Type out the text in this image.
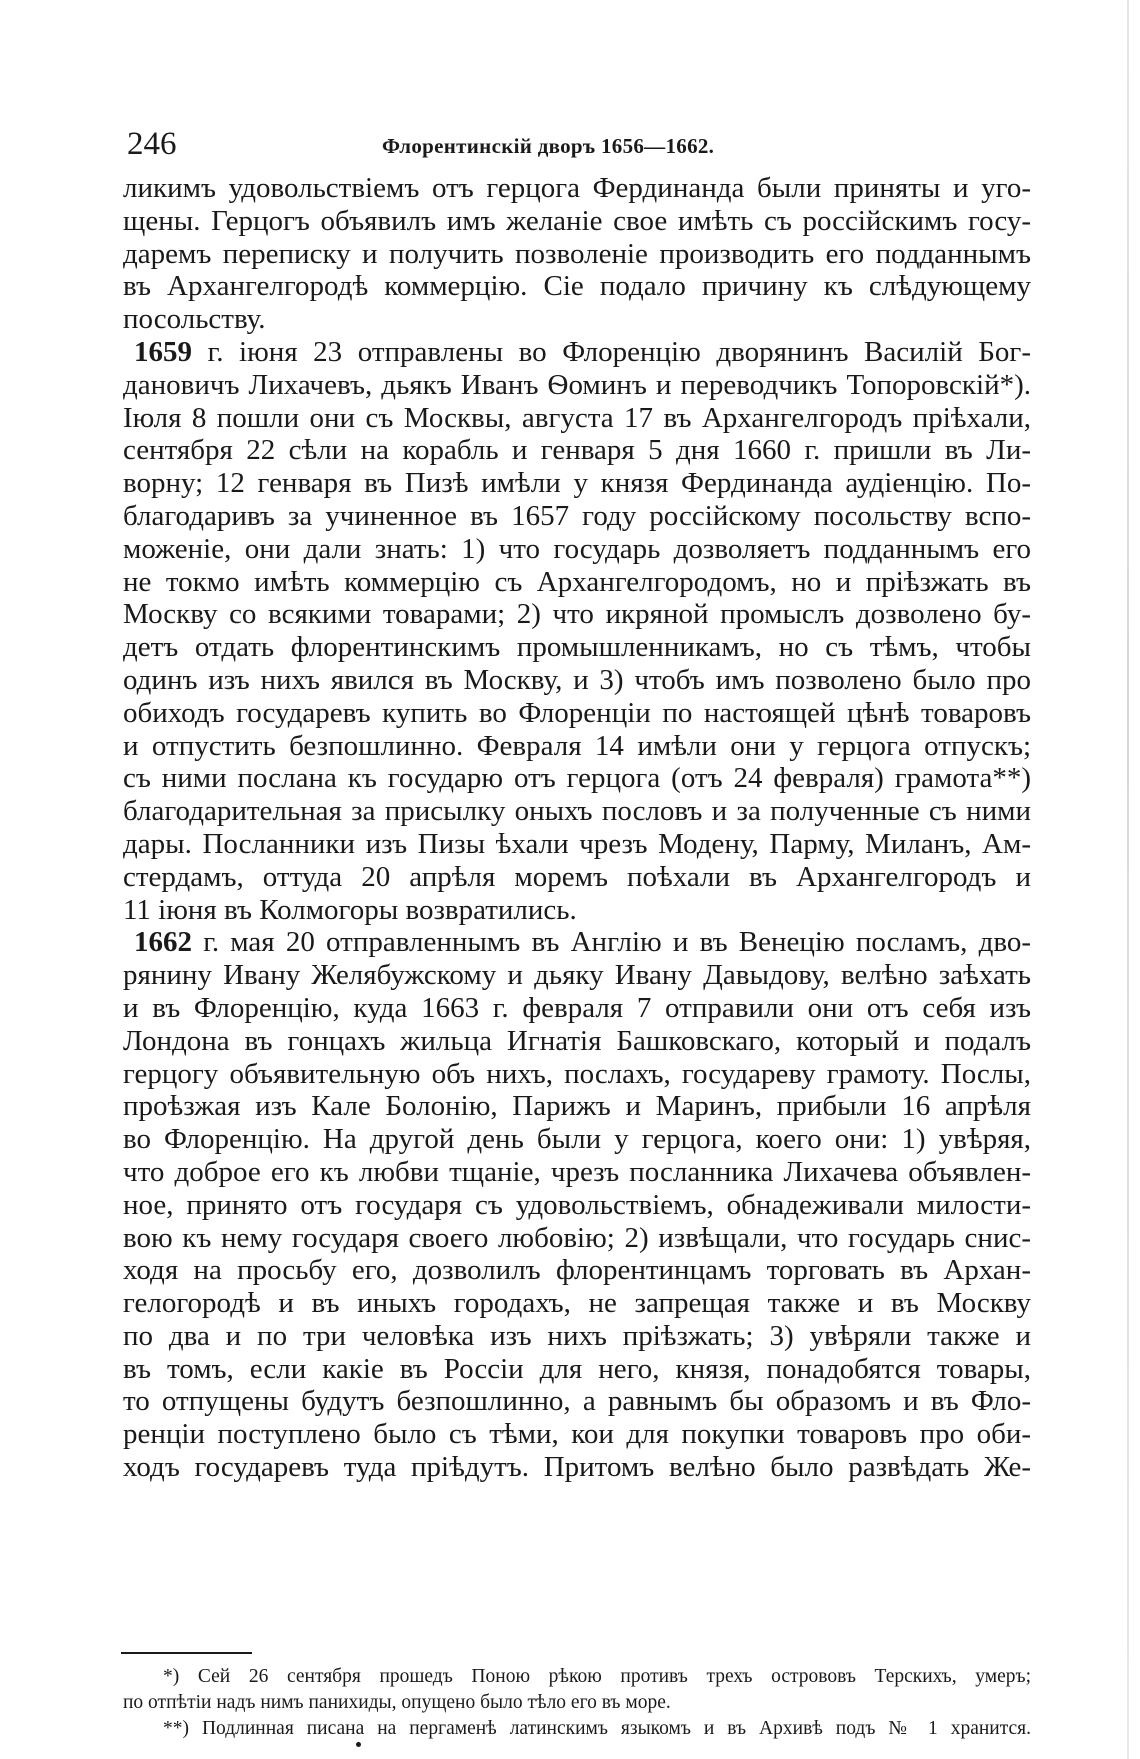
246	Флорентинскій дворъ 1656—1662.
ликимъ удовольствіемъ отъ герцога Фердинанда были приняты и уго-
щены. Герцогъ объявилъ имъ желаніе свое имѣть съ россійскимъ госу-
даремъ переписку и получить позволеніе производить его подданнымъ
въ Архангелгородѣ коммерцію. Сіе подало причину къ слѣдующему
посольству.
1659 г. іюня 23 отправлены во Флоренцію дворянинъ Василій Бог-
дановичъ Лихачевъ, дьякъ Иванъ Ѳоминъ и переводчикъ Топоровскій*).
Іюля 8 пошли они съ Москвы, августа 17 въ Архангелгородъ пріѣхали,
сентября 22 сѣли на корабль и генваря 5 дня 1660 г. пришли въ Ли-
ворну; 12 генваря въ Пизѣ имѣли у князя Фердинанда аудіенцію. По-
благодаривъ за учиненное въ 1657 году россійскому посольству вспо-
моженіе, они дали знать: 1) что государь дозволяетъ подданнымъ его
не токмо имѣть коммерцію съ Архангелгородомъ, но и пріѣзжать въ
Москву со всякими товарами; 2) что икряной промыслъ дозволено бу-
детъ отдать флорентинскимъ промышленникамъ, но съ тѣмъ, чтобы
одинъ изъ нихъ явился въ Москву, и 3) чтобъ имъ позволено было про
обиходъ государевъ купить во Флоренціи по настоящей цѣнѣ товаровъ
и отпустить безпошлинно. Февраля 14 имѣли они у герцога отпускъ;
съ ними послана къ государю отъ герцога (отъ 24 февраля) грамота**)
благодарительная за присылку оныхъ пословъ и за полученные съ ними
дары. Посланники изъ Пизы ѣхали чрезъ Модену, Парму, Миланъ, Ам-
стердамъ, оттуда 20 апрѣля моремъ поѣхали въ Архангелгородъ и
11 іюня въ Колмогоры возвратились.
1662 г. мая 20 отправленнымъ въ Англію и въ Венецію посламъ, дво-
рянину Ивану Желябужскому и дьяку Ивану Давыдову, велѣно заѣхать
и въ Флоренцію, куда 1663 г. февраля 7 отправили они отъ себя изъ
Лондона въ гонцахъ жильца Игнатія Башковскаго, который и подалъ
герцогу объявительную объ нихъ, послахъ, государеву грамоту. Послы,
проѣзжая изъ Кале Болонію, Парижъ и Маринъ, прибыли 16 апрѣля
во Флоренцію. На другой день были у герцога, коего они: 1) увѣряя,
что доброе его къ любви тщаніе, чрезъ посланника Лихачева объявлен-
ное, принято отъ государя съ удовольствіемъ, обнадеживали милости-
вою къ нему государя своего любовію; 2) извѣщали, что государь снис-
ходя на просьбу его, дозволилъ флорентинцамъ торговать въ Архан-
гелогородѣ и въ иныхъ городахъ, не запрещая также и въ Москву
по два и по три человѣка изъ нихъ пріѣзжать; 3) увѣряли также и
въ томъ, если какіе въ Россіи для него, князя, понадобятся товары,
то отпущены будутъ безпошлинно, а равнымъ бы образомъ и въ Фло-
ренціи поступлено было съ тѣми, кои для покупки товаровъ про оби-
ходъ государевъ туда пріѣдутъ. Притомъ велѣно было развѣдать Же-
*) Сей 26 сентября прошедъ Поною рѣкою противъ трехъ острововъ Терскихъ, умеръ;
по отпѣтіи надъ нимъ панихиды, опущено было тѣло его въ море.
**) Подлинная писана на пергаменѣ латинскимъ языкомъ и въ Архивѣ подъ № 1 хранится.
